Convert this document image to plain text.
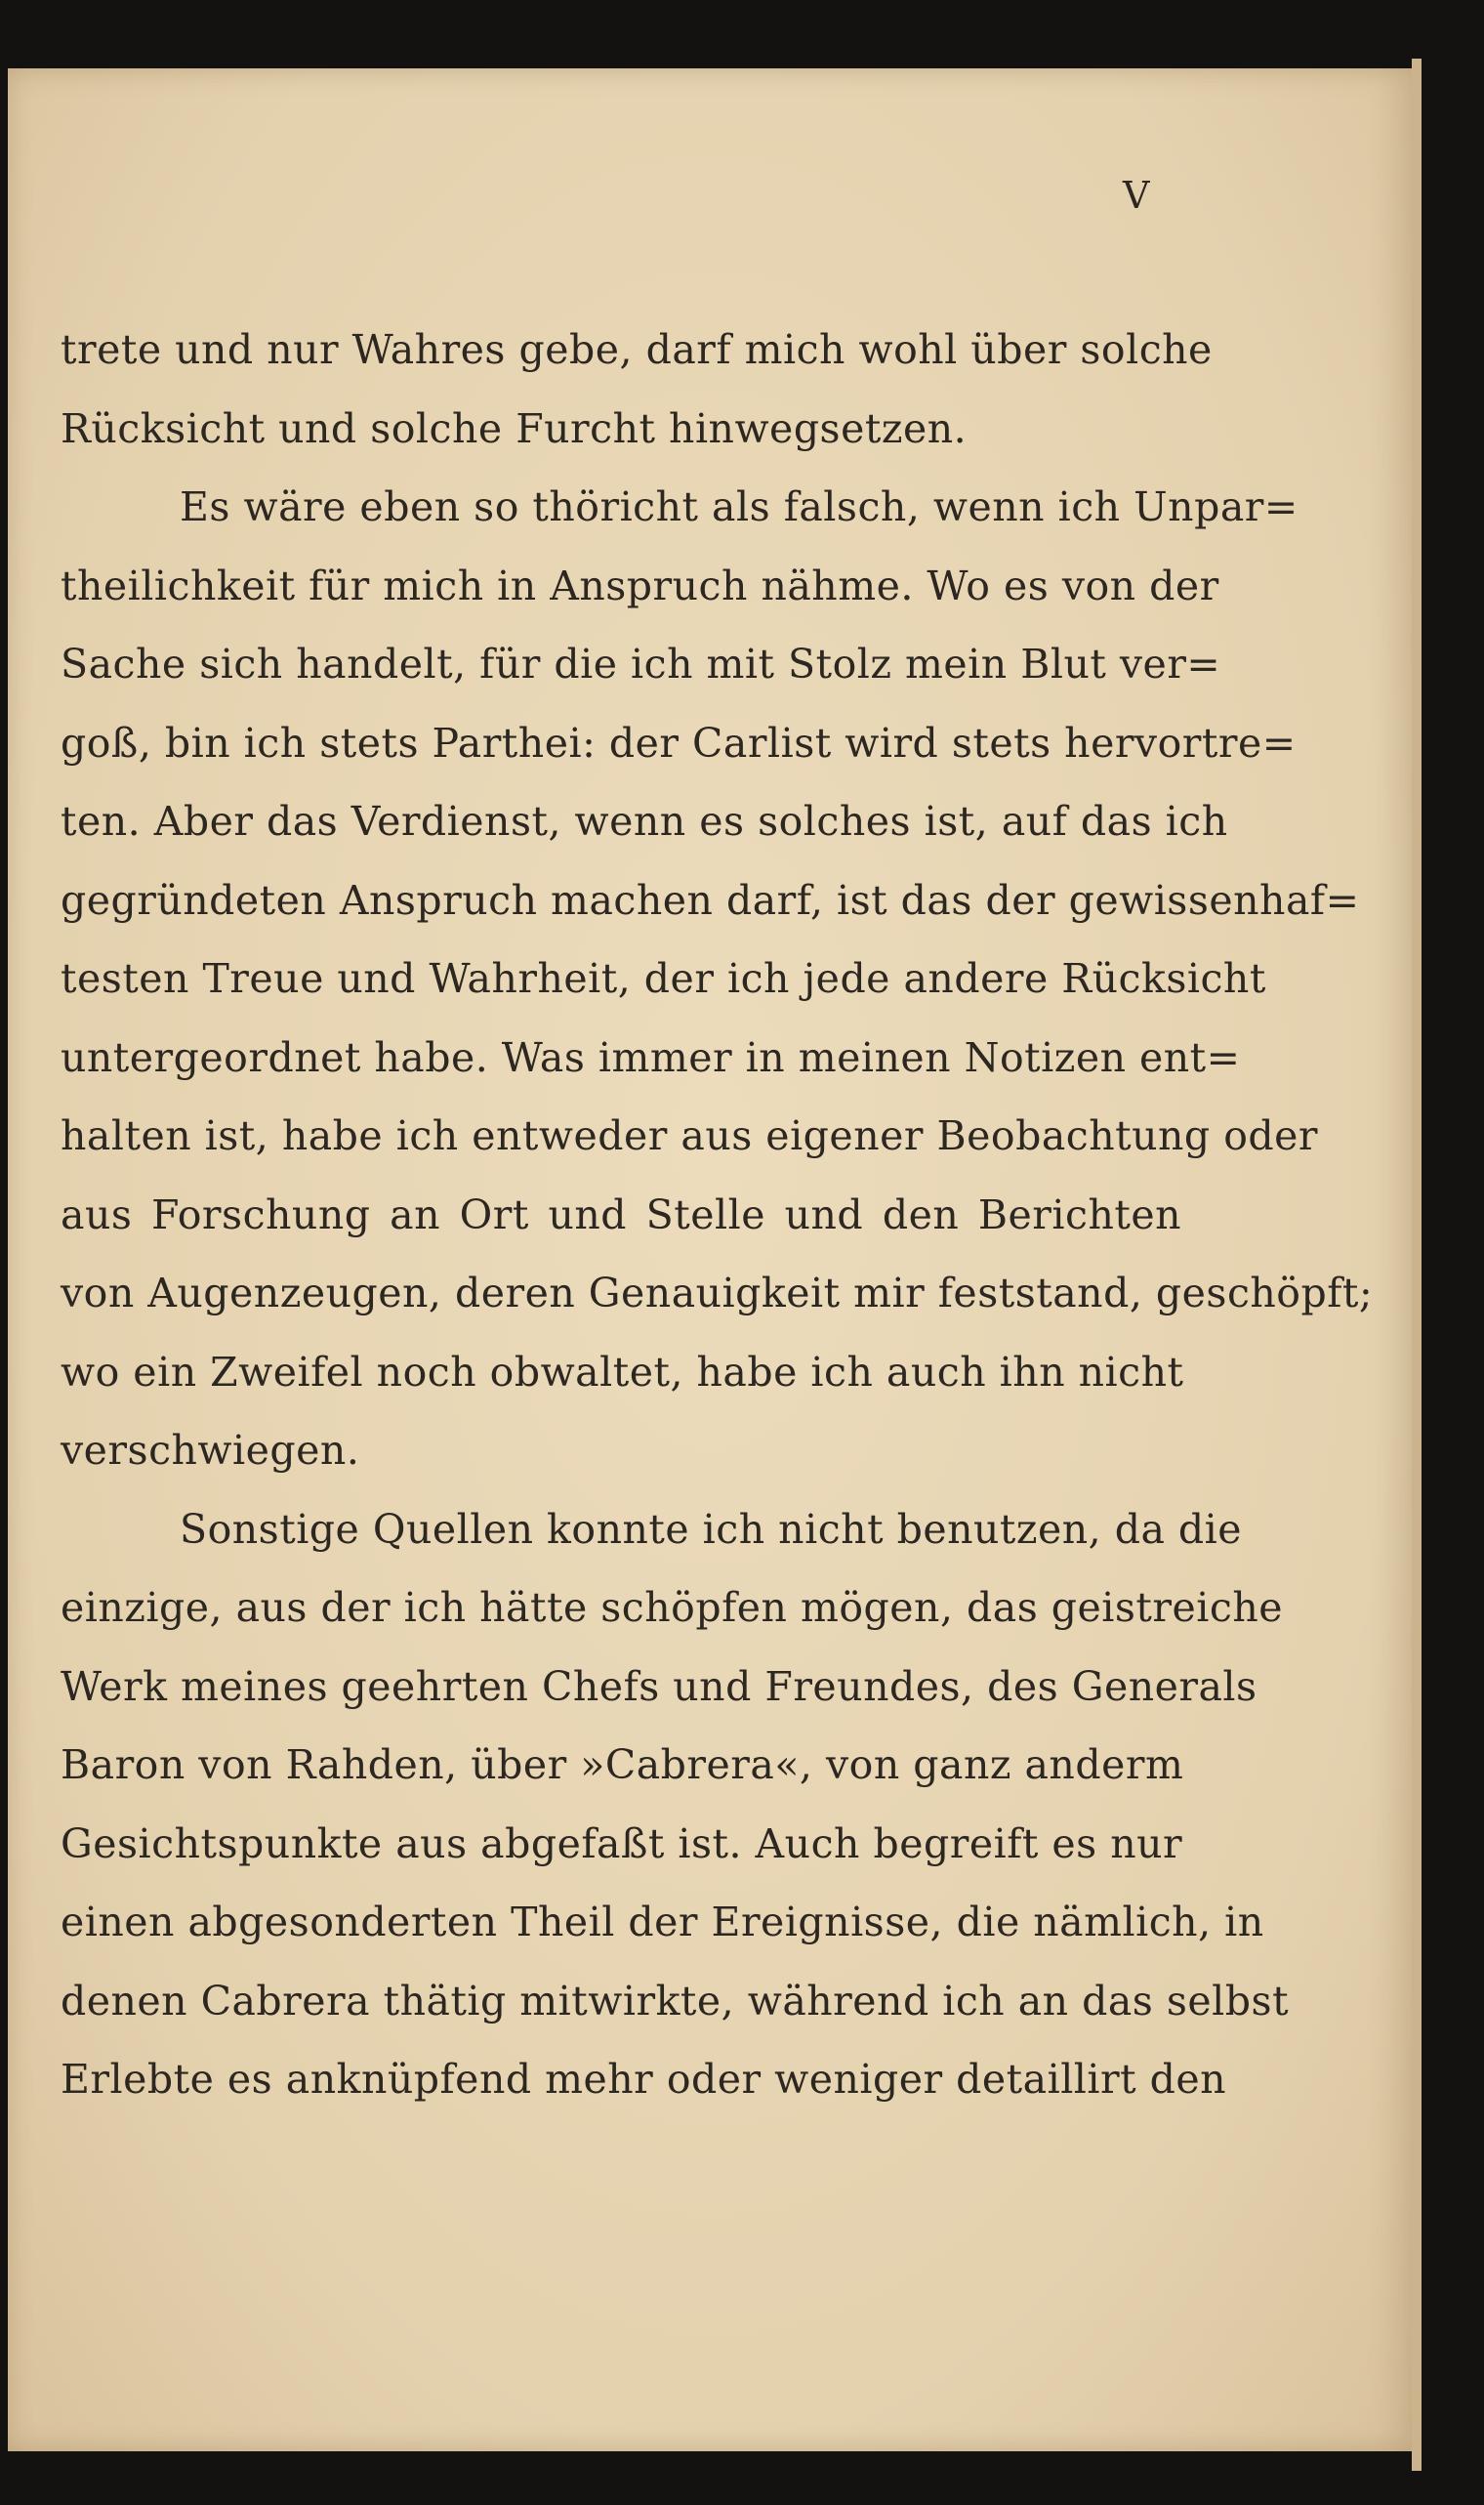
V
trete und nur Wahres gebe, darf mich wohl über solche
Rücksicht und solche Furcht hinwegsetzen.
Es wäre eben so thöricht als falsch, wenn ich Unpar=
theilichkeit für mich in Anspruch nähme. Wo es von der
Sache sich handelt, für die ich mit Stolz mein Blut ver=
goß, bin ich stets Parthei: der Carlist wird stets hervortre=
ten. Aber das Verdienst, wenn es solches ist, auf das ich
gegründeten Anspruch machen darf, ist das der gewissenhaf=
testen Treue und Wahrheit, der ich jede andere Rücksicht
untergeordnet habe. Was immer in meinen Notizen ent=
halten ist, habe ich entweder aus eigener Beobachtung oder
aus Forschung an Ort und Stelle und den Berichten
von Augenzeugen, deren Genauigkeit mir feststand, geschöpft;
wo ein Zweifel noch obwaltet, habe ich auch ihn nicht
verschwiegen.
Sonstige Quellen konnte ich nicht benutzen, da die
einzige, aus der ich hätte schöpfen mögen, das geistreiche
Werk meines geehrten Chefs und Freundes, des Generals
Baron von Rahden, über »Cabrera«, von ganz anderm
Gesichtspunkte aus abgefaßt ist. Auch begreift es nur
einen abgesonderten Theil der Ereignisse, die nämlich, in
denen Cabrera thätig mitwirkte, während ich an das selbst
Erlebte es anknüpfend mehr oder weniger detaillirt den
